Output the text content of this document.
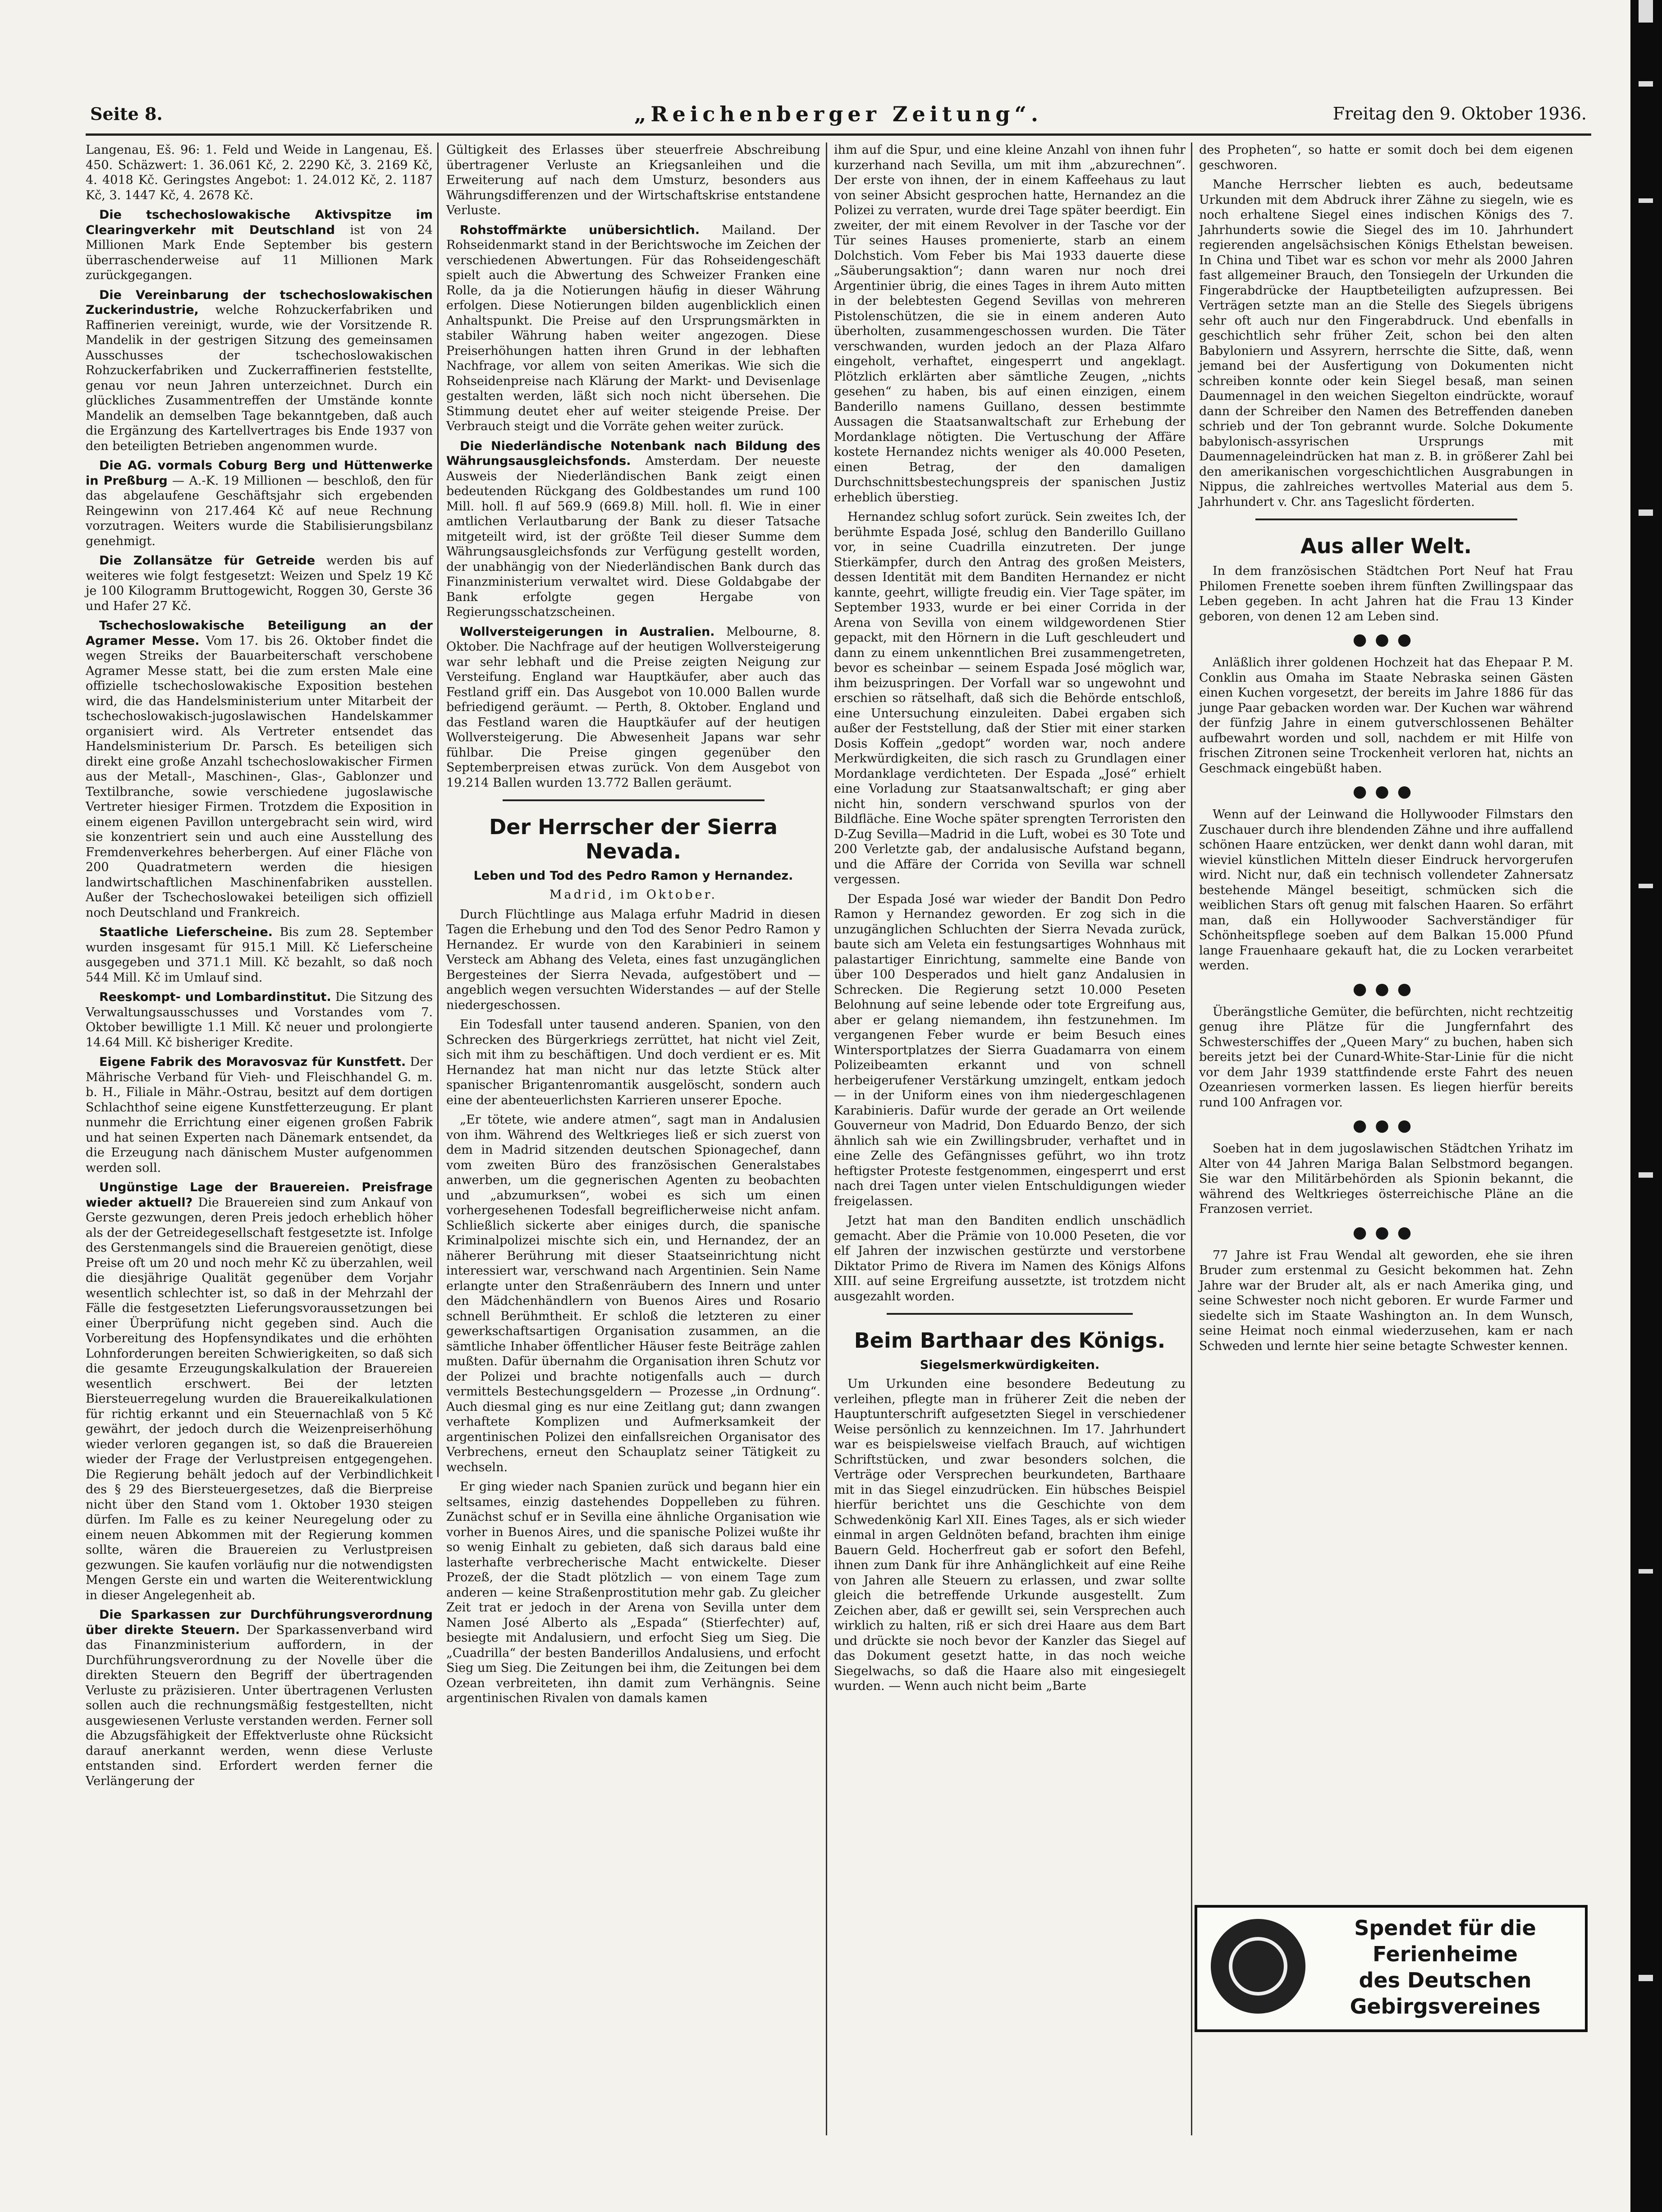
Seite 8.	„Reichenberger Zeitung“.	Freitag den 9. Oktober 1936.

Langenau, Eš. 96: 1. Feld und Weide in Langenau, Eš. 450. Schäzwert: 1. 36.061 Kč, 2. 2290 Kč, 3. 2169 Kč, 4. 4018 Kč. Geringstes Angebot: 1. 24.012 Kč, 2. 1187 Kč, 3. 1447 Kč, 4. 2678 Kč.

Die tschechoslowakische Aktivspitze im Clearingverkehr mit Deutschland ist von 24 Millionen Mark Ende September bis gestern überraschenderweise auf 11 Millionen Mark zurückgegangen.

Die Vereinbarung der tschechoslowakischen Zuckerindustrie, welche Rohzuckerfabriken und Raffinerien vereinigt, wurde, wie der Vorsitzende R. Mandelik in der gestrigen Sitzung des gemeinsamen Ausschusses der tschechoslowakischen Rohzuckerfabriken und Zuckerraffinerien feststellte, genau vor neun Jahren unterzeichnet. Durch ein glückliches Zusammentreffen der Umstände konnte Mandelik an demselben Tage bekanntgeben, daß auch die Ergänzung des Kartellvertrages bis Ende 1937 von den beteiligten Betrieben angenommen wurde.

Die AG. vormals Coburg Berg und Hüttenwerke in Preßburg — A.-K. 19 Millionen — beschloß, den für das abgelaufene Geschäftsjahr sich ergebenden Reingewinn von 217.464 Kč auf neue Rechnung vorzutragen. Weiters wurde die Stabilisierungsbilanz genehmigt.

Die Zollansätze für Getreide werden bis auf weiteres wie folgt festgesetzt: Weizen und Spelz 19 Kč je 100 Kilogramm Bruttogewicht, Roggen 30, Gerste 36 und Hafer 27 Kč.

Tschechoslowakische Beteiligung an der Agramer Messe. Vom 17. bis 26. Oktober findet die wegen Streiks der Bauarbeiterschaft verschobene Agramer Messe statt, bei die zum ersten Male eine offizielle tschechoslowakische Exposition bestehen wird, die das Handelsministerium unter Mitarbeit der tschechoslowakisch-jugoslawischen Handelskammer organisiert wird. Als Vertreter entsendet das Handelsministerium Dr. Parsch. Es beteiligen sich direkt eine große Anzahl tschechoslowakischer Firmen aus der Metall-, Maschinen-, Glas-, Gablonzer und Textilbranche, sowie verschiedene jugoslawische Vertreter hiesiger Firmen. Trotzdem die Exposition in einem eigenen Pavillon untergebracht sein wird, wird sie konzentriert sein und auch eine Ausstellung des Fremdenverkehres beherbergen. Auf einer Fläche von 200 Quadratmetern werden die hiesigen landwirtschaftlichen Maschinenfabriken ausstellen. Außer der Tschechoslowakei beteiligen sich offiziell noch Deutschland und Frankreich.

Staatliche Lieferscheine. Bis zum 28. September wurden insgesamt für 915.1 Mill. Kč Lieferscheine ausgegeben und 371.1 Mill. Kč bezahlt, so daß noch 544 Mill. Kč im Umlauf sind.

Reeskompt- und Lombardinstitut. Die Sitzung des Verwaltungsausschusses und Vorstandes vom 7. Oktober bewilligte 1.1 Mill. Kč neuer und prolongierte 14.64 Mill. Kč bisheriger Kredite.

Eigene Fabrik des Moravosvaz für Kunstfett. Der Mährische Verband für Vieh- und Fleischhandel G. m. b. H., Filiale in Mähr.-Ostrau, besitzt auf dem dortigen Schlachthof seine eigene Kunstfetterzeugung. Er plant nunmehr die Errichtung einer eigenen großen Fabrik und hat seinen Experten nach Dänemark entsendet, da die Erzeugung nach dänischem Muster aufgenommen werden soll.

Ungünstige Lage der Brauereien. Preisfrage wieder aktuell? Die Brauereien sind zum Ankauf von Gerste gezwungen, deren Preis jedoch erheblich höher als der der Getreidegesellschaft festgesetzte ist. Infolge des Gerstenmangels sind die Brauereien genötigt, diese Preise oft um 20 und noch mehr Kč zu überzahlen, weil die diesjährige Qualität gegenüber dem Vorjahr wesentlich schlechter ist, so daß in der Mehrzahl der Fälle die festgesetzten Lieferungsvoraussetzungen bei einer Überprüfung nicht gegeben sind. Auch die Vorbereitung des Hopfensyndikates und die erhöhten Lohnforderungen bereiten Schwierigkeiten, so daß sich die gesamte Erzeugungskalkulation der Brauereien wesentlich erschwert. Bei der letzten Biersteuerregelung wurden die Brauereikalkulationen für richtig erkannt und ein Steuernachlaß von 5 Kč gewährt, der jedoch durch die Weizenpreiserhöhung wieder verloren gegangen ist, so daß die Brauereien wieder der Frage der Verlustpreisen entgegengehen. Die Regierung behält jedoch auf der Verbindlichkeit des § 29 des Biersteuergesetzes, daß die Bierpreise nicht über den Stand vom 1. Oktober 1930 steigen dürfen. Im Falle es zu keiner Neuregelung oder zu einem neuen Abkommen mit der Regierung kommen sollte, wären die Brauereien zu Verlustpreisen gezwungen. Sie kaufen vorläufig nur die notwendigsten Mengen Gerste ein und warten die Weiterentwicklung in dieser Angelegenheit ab.

Die Sparkassen zur Durchführungsverordnung über direkte Steuern. Der Sparkassenverband wird das Finanzministerium auffordern, in der Durchführungsverordnung zu der Novelle über die direkten Steuern den Begriff der übertragenden Verluste zu präzisieren. Unter übertragenen Verlusten sollen auch die rechnungsmäßig festgestellten, nicht ausgewiesenen Verluste verstanden werden. Ferner soll die Abzugsfähigkeit der Effektverluste ohne Rücksicht darauf anerkannt werden, wenn diese Verluste entstanden sind. Erfordert werden ferner die Verlängerung der

Gültigkeit des Erlasses über steuerfreie Abschreibung übertragener Verluste an Kriegsanleihen und die Erweiterung auf nach dem Umsturz, besonders aus Währungsdifferenzen und der Wirtschaftskrise entstandene Verluste.

Rohstoffmärkte unübersichtlich. Mailand. Der Rohseidenmarkt stand in der Berichtswoche im Zeichen der verschiedenen Abwertungen. Für das Rohseidengeschäft spielt auch die Abwertung des Schweizer Franken eine Rolle, da ja die Notierungen häufig in dieser Währung erfolgen. Diese Notierungen bilden augenblicklich einen Anhaltspunkt. Die Preise auf den Ursprungsmärkten in stabiler Währung haben weiter angezogen. Diese Preiserhöhungen hatten ihren Grund in der lebhaften Nachfrage, vor allem von seiten Amerikas. Wie sich die Rohseidenpreise nach Klärung der Markt- und Devisenlage gestalten werden, läßt sich noch nicht übersehen. Die Stimmung deutet eher auf weiter steigende Preise. Der Verbrauch steigt und die Vorräte gehen weiter zurück.

Die Niederländische Notenbank nach Bildung des Währungsausgleichsfonds. Amsterdam. Der neueste Ausweis der Niederländischen Bank zeigt einen bedeutenden Rückgang des Goldbestandes um rund 100 Mill. holl. fl auf 569.9 (669.8) Mill. holl. fl. Wie in einer amtlichen Verlautbarung der Bank zu dieser Tatsache mitgeteilt wird, ist der größte Teil dieser Summe dem Währungsausgleichsfonds zur Verfügung gestellt worden, der unabhängig von der Niederländischen Bank durch das Finanzministerium verwaltet wird. Diese Goldabgabe der Bank erfolgte gegen Hergabe von Regierungsschatzscheinen.

Wollversteigerungen in Australien. Melbourne, 8. Oktober. Die Nachfrage auf der heutigen Wollversteigerung war sehr lebhaft und die Preise zeigten Neigung zur Versteifung. England war Hauptkäufer, aber auch das Festland griff ein. Das Ausgebot von 10.000 Ballen wurde befriedigend geräumt. — Perth, 8. Oktober. England und das Festland waren die Hauptkäufer auf der heutigen Wollversteigerung. Die Abwesenheit Japans war sehr fühlbar. Die Preise gingen gegenüber den Septemberpreisen etwas zurück. Von dem Ausgebot von 19.214 Ballen wurden 13.772 Ballen geräumt.

Der Herrscher der Sierra Nevada.
Leben und Tod des Pedro Ramon y Hernandez.

Madrid, im Oktober.

Durch Flüchtlinge aus Malaga erfuhr Madrid in diesen Tagen die Erhebung und den Tod des Senor Pedro Ramon y Hernandez. Er wurde von den Karabinieri in seinem Versteck am Abhang des Veleta, eines fast unzugänglichen Bergesteines der Sierra Nevada, aufgestöbert und — angeblich wegen versuchten Widerstandes — auf der Stelle niedergeschossen.

Ein Todesfall unter tausend anderen. Spanien, von den Schrecken des Bürgerkriegs zerrüttet, hat nicht viel Zeit, sich mit ihm zu beschäftigen. Und doch verdient er es. Mit Hernandez hat man nicht nur das letzte Stück alter spanischer Brigantenromantik ausgelöscht, sondern auch eine der abenteuerlichsten Karrieren unserer Epoche.

„Er tötete, wie andere atmen“, sagt man in Andalusien von ihm. Während des Weltkrieges ließ er sich zuerst von dem in Madrid sitzenden deutschen Spionagechef, dann vom zweiten Büro des französischen Generalstabes anwerben, um die gegnerischen Agenten zu beobachten und „abzumurksen“, wobei es sich um einen vorhergesehenen Todesfall begreiflicherweise nicht anfam. Schließlich sickerte aber einiges durch, die spanische Kriminalpolizei mischte sich ein, und Hernandez, der an näherer Berührung mit dieser Staatseinrichtung nicht interessiert war, verschwand nach Argentinien. Sein Name erlangte unter den Straßenräubern des Innern und unter den Mädchenhändlern von Buenos Aires und Rosario schnell Berühmtheit. Er schloß die letzteren zu einer gewerkschaftsartigen Organisation zusammen, an die sämtliche Inhaber öffentlicher Häuser feste Beiträge zahlen mußten. Dafür übernahm die Organisation ihren Schutz vor der Polizei und brachte notigenfalls auch — durch vermittels Bestechungsgeldern — Prozesse „in Ordnung“. Auch diesmal ging es nur eine Zeitlang gut; dann zwangen verhaftete Komplizen und Aufmerksamkeit der argentinischen Polizei den einfallsreichen Organisator des Verbrechens, erneut den Schauplatz seiner Tätigkeit zu wechseln.

Er ging wieder nach Spanien zurück und begann hier ein seltsames, einzig dastehendes Doppelleben zu führen. Zunächst schuf er in Sevilla eine ähnliche Organisation wie vorher in Buenos Aires, und die spanische Polizei wußte ihr so wenig Einhalt zu gebieten, daß sich daraus bald eine lasterhafte verbrecherische Macht entwickelte. Dieser Prozeß, der die Stadt plötzlich — von einem Tage zum anderen — keine Straßenprostitution mehr gab. Zu gleicher Zeit trat er jedoch in der Arena von Sevilla unter dem Namen José Alberto als „Espada“ (Stierfechter) auf, besiegte mit Andalusiern, und erfocht Sieg um Sieg. Die „Cuadrilla“ der besten Banderillos Andalusiens, und erfocht Sieg um Sieg. Die Zeitungen bei ihm, die Zeitungen bei dem Ozean verbreiteten, ihn damit zum Verhängnis. Seine argentinischen Rivalen von damals kamen

ihm auf die Spur, und eine kleine Anzahl von ihnen fuhr kurzerhand nach Sevilla, um mit ihm „abzurechnen“. Der erste von ihnen, der in einem Kaffeehaus zu laut von seiner Absicht gesprochen hatte, Hernandez an die Polizei zu verraten, wurde drei Tage später beerdigt. Ein zweiter, der mit einem Revolver in der Tasche vor der Tür seines Hauses promenierte, starb an einem Dolchstich. Vom Feber bis Mai 1933 dauerte diese „Säuberungsaktion“; dann waren nur noch drei Argentinier übrig, die eines Tages in ihrem Auto mitten in der belebtesten Gegend Sevillas von mehreren Pistolenschützen, die sie in einem anderen Auto überholten, zusammengeschossen wurden. Die Täter verschwanden, wurden jedoch an der Plaza Alfaro eingeholt, verhaftet, eingesperrt und angeklagt. Plötzlich erklärten aber sämtliche Zeugen, „nichts gesehen“ zu haben, bis auf einen einzigen, einem Banderillo namens Guillano, dessen bestimmte Aussagen die Staatsanwaltschaft zur Erhebung der Mordanklage nötigten. Die Vertuschung der Affäre kostete Hernandez nichts weniger als 40.000 Peseten, einen Betrag, der den damaligen Durchschnittsbestechungspreis der spanischen Justiz erheblich überstieg.

Hernandez schlug sofort zurück. Sein zweites Ich, der berühmte Espada José, schlug den Banderillo Guillano vor, in seine Cuadrilla einzutreten. Der junge Stierkämpfer, durch den Antrag des großen Meisters, dessen Identität mit dem Banditen Hernandez er nicht kannte, geehrt, willigte freudig ein. Vier Tage später, im September 1933, wurde er bei einer Corrida in der Arena von Sevilla von einem wildgewordenen Stier gepackt, mit den Hörnern in die Luft geschleudert und dann zu einem unkenntlichen Brei zusammengetreten, bevor es scheinbar — seinem Espada José möglich war, ihm beizuspringen. Der Vorfall war so ungewohnt und erschien so rätselhaft, daß sich die Behörde entschloß, eine Untersuchung einzuleiten. Dabei ergaben sich außer der Feststellung, daß der Stier mit einer starken Dosis Koffein „gedopt“ worden war, noch andere Merkwürdigkeiten, die sich rasch zu Grundlagen einer Mordanklage verdichteten. Der Espada „José“ erhielt eine Vorladung zur Staatsanwaltschaft; er ging aber nicht hin, sondern verschwand spurlos von der Bildfläche. Eine Woche später sprengten Terroristen den D-Zug Sevilla—Madrid in die Luft, wobei es 30 Tote und 200 Verletzte gab, der andalusische Aufstand begann, und die Affäre der Corrida von Sevilla war schnell vergessen.

Der Espada José war wieder der Bandit Don Pedro Ramon y Hernandez geworden. Er zog sich in die unzugänglichen Schluchten der Sierra Nevada zurück, baute sich am Veleta ein festungsartiges Wohnhaus mit palastartiger Einrichtung, sammelte eine Bande von über 100 Desperados und hielt ganz Andalusien in Schrecken. Die Regierung setzt 10.000 Peseten Belohnung auf seine lebende oder tote Ergreifung aus, aber er gelang niemandem, ihn festzunehmen. Im vergangenen Feber wurde er beim Besuch eines Wintersportplatzes der Sierra Guadamarra von einem Polizeibeamten erkannt und von schnell herbeigerufener Verstärkung umzingelt, entkam jedoch — in der Uniform eines von ihm niedergeschlagenen Karabinieris. Dafür wurde der gerade an Ort weilende Gouverneur von Madrid, Don Eduardo Benzo, der sich ähnlich sah wie ein Zwillingsbruder, verhaftet und in eine Zelle des Gefängnisses geführt, wo ihn trotz heftigster Proteste festgenommen, eingesperrt und erst nach drei Tagen unter vielen Entschuldigungen wieder freigelassen.

Jetzt hat man den Banditen endlich unschädlich gemacht. Aber die Prämie von 10.000 Peseten, die vor elf Jahren der inzwischen gestürzte und verstorbene Diktator Primo de Rivera im Namen des Königs Alfons XIII. auf seine Ergreifung aussetzte, ist trotzdem nicht ausgezahlt worden.

Beim Barthaar des Königs.
Siegelsmerkwürdigkeiten.

Um Urkunden eine besondere Bedeutung zu verleihen, pflegte man in früherer Zeit die neben der Hauptunterschrift aufgesetzten Siegel in verschiedener Weise persönlich zu kennzeichnen. Im 17. Jahrhundert war es beispielsweise vielfach Brauch, auf wichtigen Schriftstücken, und zwar besonders solchen, die Verträge oder Versprechen beurkundeten, Barthaare mit in das Siegel einzudrücken. Ein hübsches Beispiel hierfür berichtet uns die Geschichte von dem Schwedenkönig Karl XII. Eines Tages, als er sich wieder einmal in argen Geldnöten befand, brachten ihm einige Bauern Geld. Hocherfreut gab er sofort den Befehl, ihnen zum Dank für ihre Anhänglichkeit auf eine Reihe von Jahren alle Steuern zu erlassen, und zwar sollte gleich die betreffende Urkunde ausgestellt. Zum Zeichen aber, daß er gewillt sei, sein Versprechen auch wirklich zu halten, riß er sich drei Haare aus dem Bart und drückte sie noch bevor der Kanzler das Siegel auf das Dokument gesetzt hatte, in das noch weiche Siegelwachs, so daß die Haare also mit eingesiegelt wurden. — Wenn auch nicht beim „Barte

des Propheten“, so hatte er somit doch bei dem eigenen geschworen.

Manche Herrscher liebten es auch, bedeutsame Urkunden mit dem Abdruck ihrer Zähne zu siegeln, wie es noch erhaltene Siegel eines indischen Königs des 7. Jahrhunderts sowie die Siegel des im 10. Jahrhundert regierenden angelsächsischen Königs Ethelstan beweisen. In China und Tibet war es schon vor mehr als 2000 Jahren fast allgemeiner Brauch, den Tonsiegeln der Urkunden die Fingerabdrücke der Hauptbeteiligten aufzupressen. Bei Verträgen setzte man an die Stelle des Siegels übrigens sehr oft auch nur den Fingerabdruck. Und ebenfalls in geschichtlich sehr früher Zeit, schon bei den alten Babyloniern und Assyrern, herrschte die Sitte, daß, wenn jemand bei der Ausfertigung von Dokumenten nicht schreiben konnte oder kein Siegel besaß, man seinen Daumennagel in den weichen Siegelton eindrückte, worauf dann der Schreiber den Namen des Betreffenden daneben schrieb und der Ton gebrannt wurde. Solche Dokumente babylonisch-assyrischen Ursprungs mit Daumennageleindrücken hat man z. B. in größerer Zahl bei den amerikanischen vorgeschichtlichen Ausgrabungen in Nippus, die zahlreiches wertvolles Material aus dem 5. Jahrhundert v. Chr. ans Tageslicht förderten.

Aus aller Welt.

In dem französischen Städtchen Port Neuf hat Frau Philomen Frenette soeben ihrem fünften Zwillingspaar das Leben gegeben. In acht Jahren hat die Frau 13 Kinder geboren, von denen 12 am Leben sind.

●●●

Anläßlich ihrer goldenen Hochzeit hat das Ehepaar P. M. Conklin aus Omaha im Staate Nebraska seinen Gästen einen Kuchen vorgesetzt, der bereits im Jahre 1886 für das junge Paar gebacken worden war. Der Kuchen war während der fünfzig Jahre in einem gutverschlossenen Behälter aufbewahrt worden und soll, nachdem er mit Hilfe von frischen Zitronen seine Trockenheit verloren hat, nichts an Geschmack eingebüßt haben.

●●●

Wenn auf der Leinwand die Hollywooder Filmstars den Zuschauer durch ihre blendenden Zähne und ihre auffallend schönen Haare entzücken, wer denkt dann wohl daran, mit wieviel künstlichen Mitteln dieser Eindruck hervorgerufen wird. Nicht nur, daß ein technisch vollendeter Zahnersatz bestehende Mängel beseitigt, schmücken sich die weiblichen Stars oft genug mit falschen Haaren. So erfährt man, daß ein Hollywooder Sachverständiger für Schönheitspflege soeben auf dem Balkan 15.000 Pfund lange Frauenhaare gekauft hat, die zu Locken verarbeitet werden.

●●●

Überängstliche Gemüter, die befürchten, nicht rechtzeitig genug ihre Plätze für die Jungfernfahrt des Schwesterschiffes der „Queen Mary“ zu buchen, haben sich bereits jetzt bei der Cunard-White-Star-Linie für die nicht vor dem Jahr 1939 stattfindende erste Fahrt des neuen Ozeanriesen vormerken lassen. Es liegen hierfür bereits rund 100 Anfragen vor.

●●●

Soeben hat in dem jugoslawischen Städtchen Yrihatz im Alter von 44 Jahren Mariga Balan Selbstmord begangen. Sie war den Militärbehörden als Spionin bekannt, die während des Weltkrieges österreichische Pläne an die Franzosen verriet.

●●●

77 Jahre ist Frau Wendal alt geworden, ehe sie ihren Bruder zum erstenmal zu Gesicht bekommen hat. Zehn Jahre war der Bruder alt, als er nach Amerika ging, und seine Schwester noch nicht geboren. Er wurde Farmer und siedelte sich im Staate Washington an. In dem Wunsch, seine Heimat noch einmal wiederzusehen, kam er nach Schweden und lernte hier seine betagte Schwester kennen.

Spendet für die
Ferienheime
des Deutschen
Gebirgsvereines
